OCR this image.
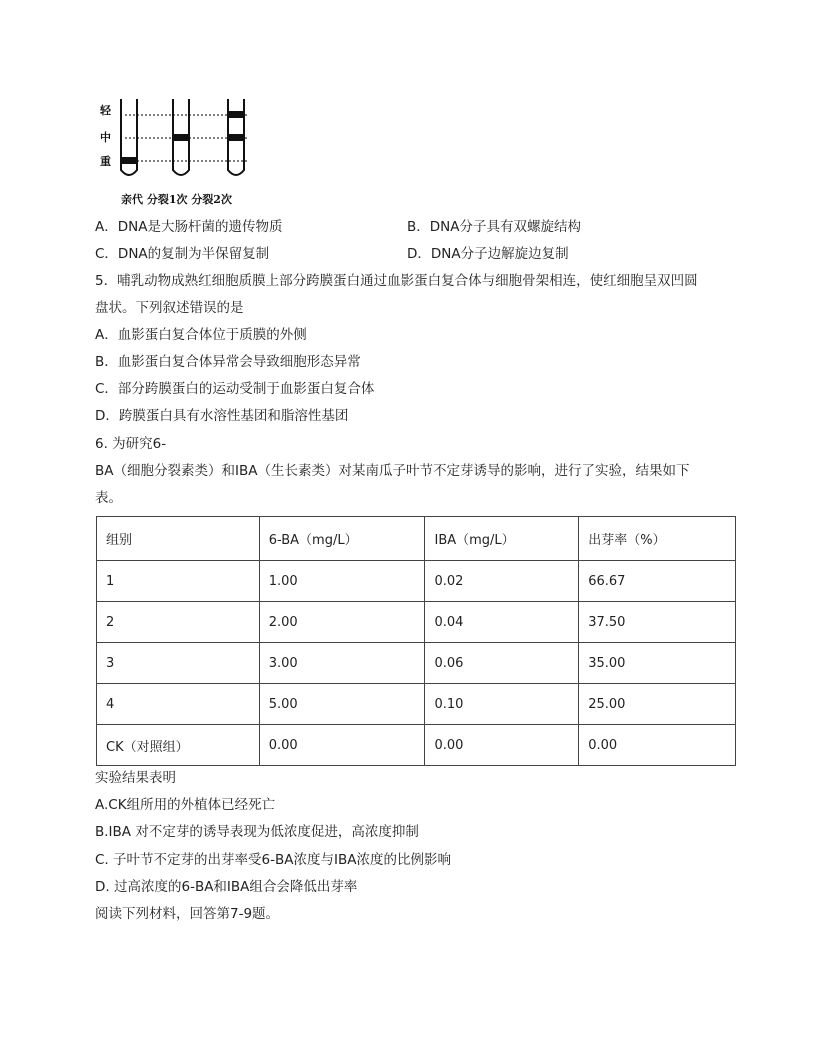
轻
中
重
亲代 分裂1次 分裂2次
A．DNA是大肠杆菌的遗传物质	B．DNA分子具有双螺旋结构
C．DNA的复制为半保留复制	D．DNA分子边解旋边复制
5．哺乳动物成熟红细胞质膜上部分跨膜蛋白通过血影蛋白复合体与细胞骨架相连，使红细胞呈双凹圆
盘状。下列叙述错误的是
A．血影蛋白复合体位于质膜的外侧
B．血影蛋白复合体异常会导致细胞形态异常
C．部分跨膜蛋白的运动受制于血影蛋白复合体
D．跨膜蛋白具有水溶性基团和脂溶性基团
6. 为研究6-
BA（细胞分裂素类）和IBA（生长素类）对某南瓜子叶节不定芽诱导的影响，进行了实验，结果如下
表。
组别	6-BA（mg/L）	IBA（mg/L）	出芽率（%）
1	1.00	0.02	66.67
2	2.00	0.04	37.50
3	3.00	0.06	35.00
4	5.00	0.10	25.00
CK（对照组）	0.00	0.00	0.00
实验结果表明
A.CK组所用的外植体已经死亡
B.IBA 对不定芽的诱导表现为低浓度促进，高浓度抑制
C. 子叶节不定芽的出芽率受6-BA浓度与IBA浓度的比例影响
D. 过高浓度的6-BA和IBA组合会降低出芽率
阅读下列材料，回答第7-9题。
